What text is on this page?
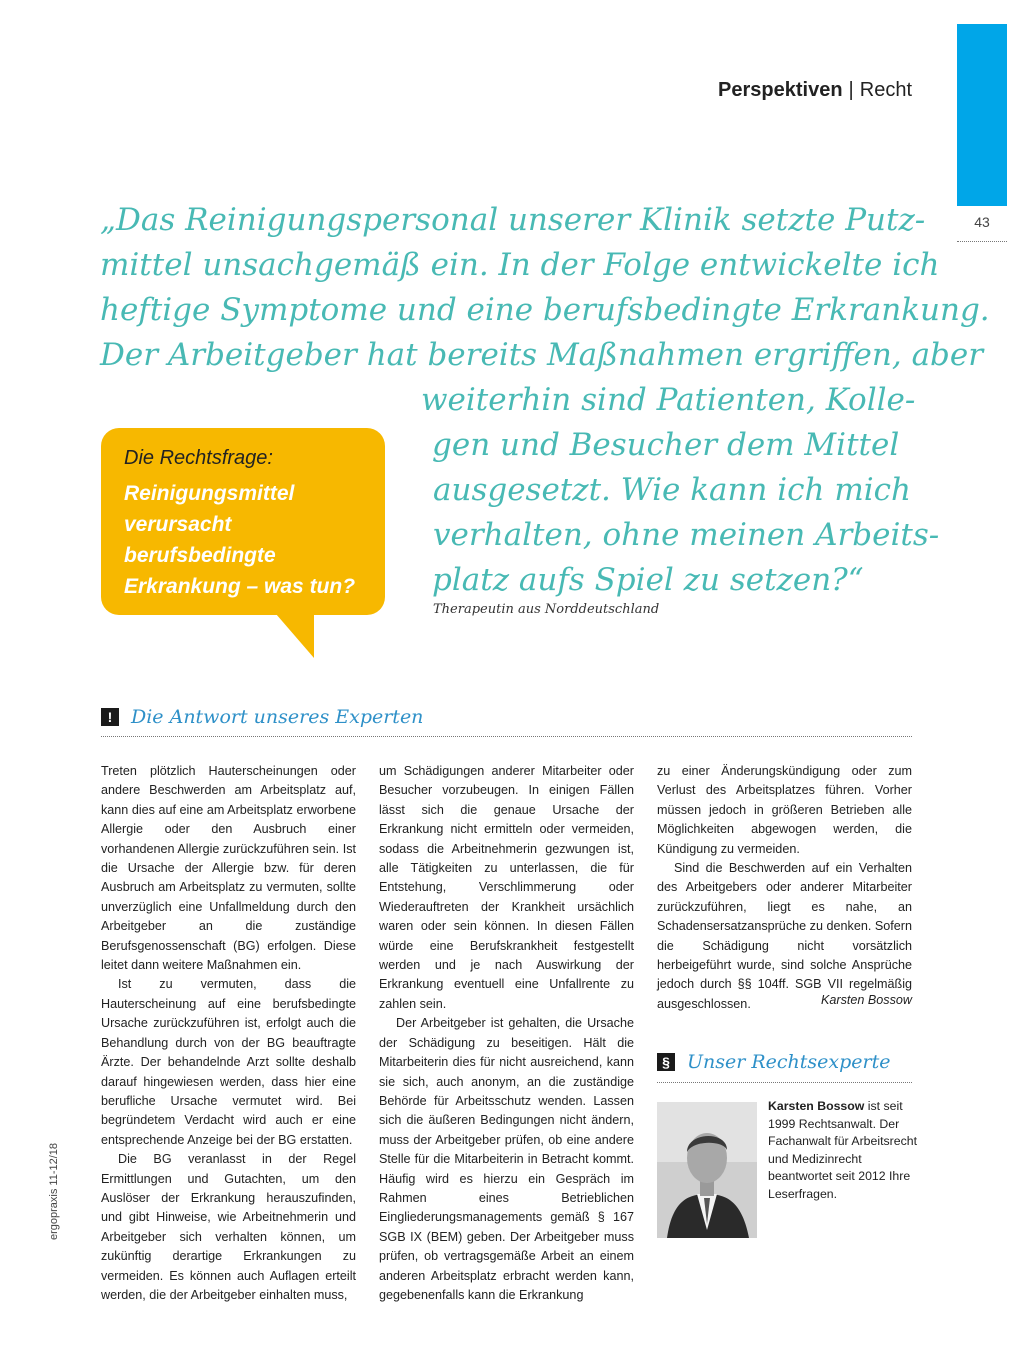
43
Perspektiven | Recht
„Das Reinigungspersonal unserer Klinik setzte Putz-
mittel unsachgemäß ein. In der Folge entwickelte ich
heftige Symptome und eine berufsbedingte Erkrankung.
Der Arbeitgeber hat bereits Maßnahmen ergriffen, aber
weiterhin sind Patienten, Kolle-
gen und Besucher dem Mittel
ausgesetzt. Wie kann ich mich
verhalten, ohne meinen Arbeits-
platz aufs Spiel zu setzen?“
Therapeutin aus Norddeutschland
Die Rechtsfrage:
Reinigungsmittel verursacht berufsbedingte Erkrankung – was tun?
! Die Antwort unseres Experten

Treten plötzlich Hauterscheinungen oder andere Beschwerden am Arbeitsplatz auf, kann dies auf eine am Arbeitsplatz erworbene Allergie oder den Ausbruch einer vorhandenen Allergie zurückzuführen sein. Ist die Ursache der Allergie bzw. für deren Ausbruch am Arbeitsplatz zu vermuten, sollte unverzüglich eine Unfallmeldung durch den Arbeitgeber an die zuständige Berufsgenossenschaft (BG) erfolgen. Diese leitet dann weitere Maßnahmen ein.

Ist zu vermuten, dass die Hauterscheinung auf eine berufsbedingte Ursache zurückzuführen ist, erfolgt auch die Behandlung durch von der BG beauftragte Ärzte. Der behandelnde Arzt sollte deshalb darauf hingewiesen werden, dass hier eine berufliche Ursache vermutet wird. Bei begründetem Verdacht wird auch er eine entsprechende Anzeige bei der BG erstatten.

Die BG veranlasst in der Regel Ermittlungen und Gutachten, um den Auslöser der Erkrankung herauszufinden, und gibt Hinweise, wie Arbeitnehmerin und Arbeitgeber sich verhalten können, um zukünftig derartige Erkrankungen zu vermeiden. Es können auch Auflagen erteilt werden, die der Arbeitgeber einhalten muss,

um Schädigungen anderer Mitarbeiter oder Besucher vorzubeugen. In einigen Fällen lässt sich die genaue Ursache der Erkrankung nicht ermitteln oder vermeiden, sodass die Arbeitnehmerin gezwungen ist, alle Tätigkeiten zu unterlassen, die für Entstehung, Verschlimmerung oder Wiederauftreten der Krankheit ursächlich waren oder sein können. In diesen Fällen würde eine Berufskrankheit festgestellt werden und je nach Auswirkung der Erkrankung eventuell eine Unfallrente zu zahlen sein.

Der Arbeitgeber ist gehalten, die Ursache der Schädigung zu beseitigen. Hält die Mitarbeiterin dies für nicht ausreichend, kann sie sich, auch anonym, an die zuständige Behörde für Arbeitsschutz wenden. Lassen sich die äußeren Bedingungen nicht ändern, muss der Arbeitgeber prüfen, ob eine andere Stelle für die Mitarbeiterin in Betracht kommt. Häufig wird es hierzu ein Gespräch im Rahmen eines Betrieblichen Eingliederungsmanagements gemäß § 167 SGB IX (BEM) geben. Der Arbeitgeber muss prüfen, ob vertragsgemäße Arbeit an einem anderen Arbeitsplatz erbracht werden kann, gegebenenfalls kann die Erkrankung

zu einer Änderungskündigung oder zum Verlust des Arbeitsplatzes führen. Vorher müssen jedoch in größeren Betrieben alle Möglichkeiten abgewogen werden, die Kündigung zu vermeiden.

Sind die Beschwerden auf ein Verhalten des Arbeitgebers oder anderer Mitarbeiter zurückzuführen, liegt es nahe, an Schadensersatzansprüche zu denken. Sofern die Schädigung nicht vorsätzlich herbeigeführt wurde, sind solche Ansprüche jedoch durch §§ 104ff. SGB VII regelmäßig ausgeschlossen.	Karsten Bossow
§ Unser Rechtsexperte
Karsten Bossow ist seit 1999 Rechtsanwalt. Der Fachanwalt für Arbeitsrecht und Medizinrecht beantwortet seit 2012 Ihre Leserfragen.
ergopraxis 11-12/18
